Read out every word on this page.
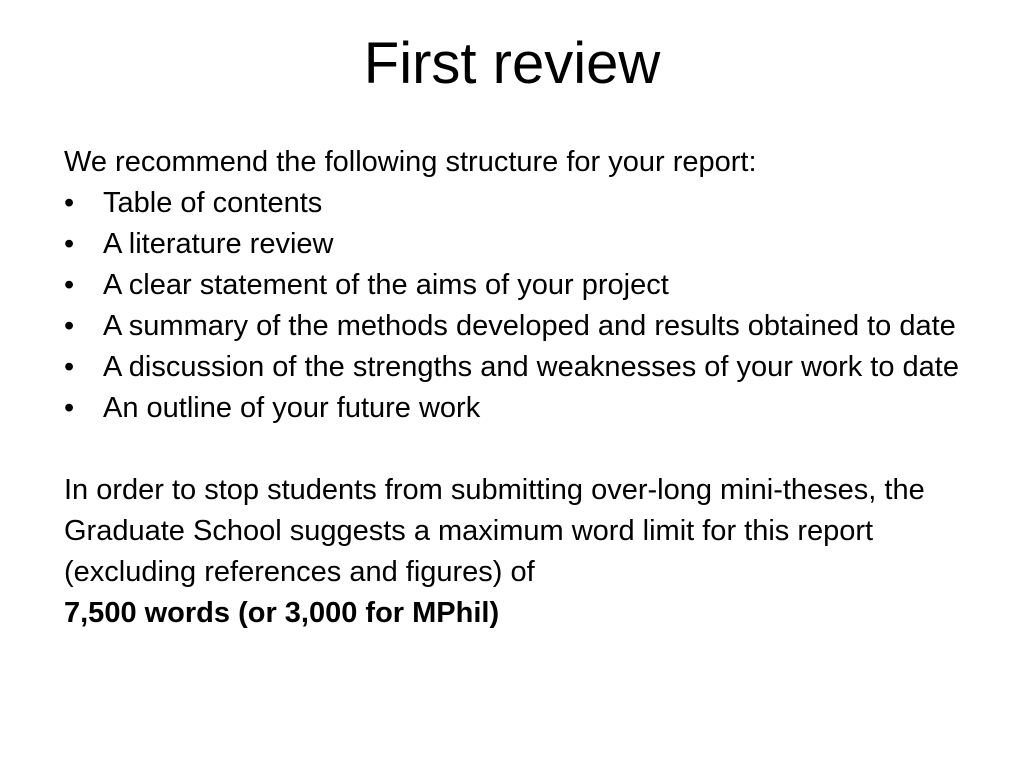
First review

We recommend the following structure for your report:

• Table of contents
• A literature review
• A clear statement of the aims of your project
• A summary of the methods developed and results obtained to date
• A discussion of the strengths and weaknesses of your work to date
• An outline of your future work

In order to stop students from submitting over-long mini-theses, the Graduate School suggests a maximum word limit for this report (excluding references and figures) of
7,500 words (or 3,000 for MPhil)
